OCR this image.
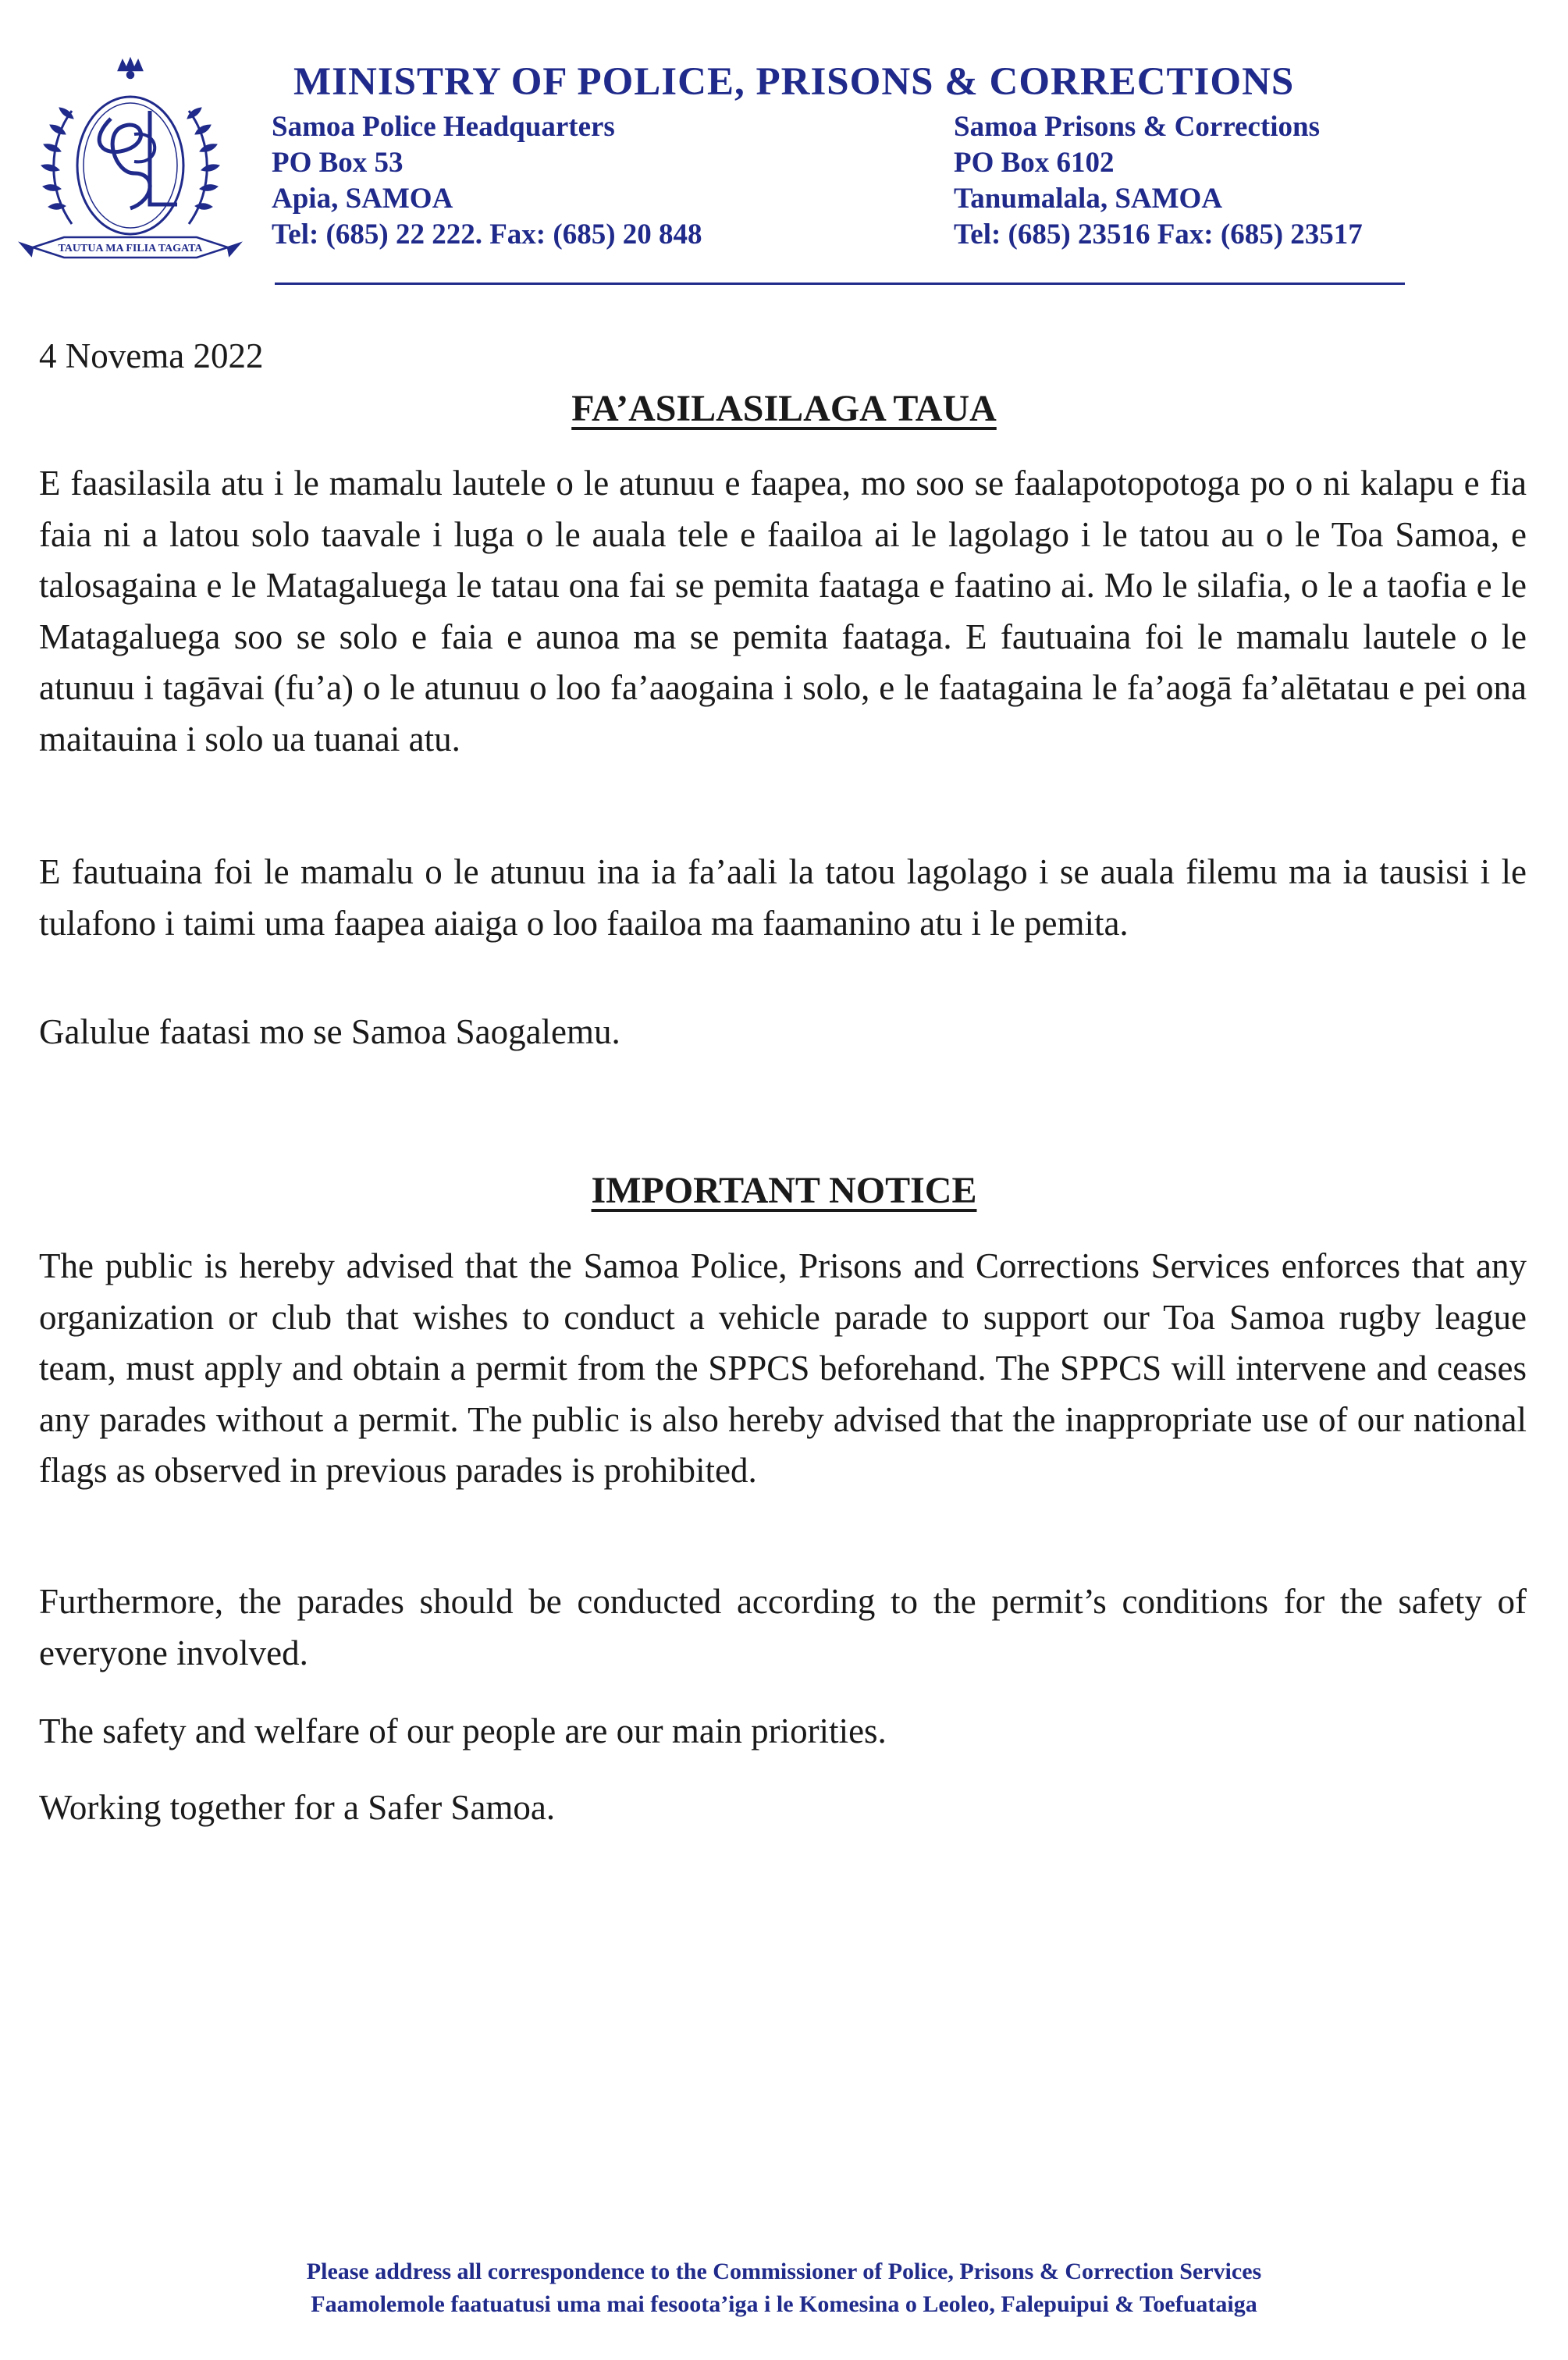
TAUTUA MA FILIA TAGATA
SPL
MINISTRY OF POLICE, PRISONS & CORRECTIONS
Samoa Police Headquarters
PO Box 53
Apia, SAMOA
Tel: (685) 22 222. Fax: (685) 20 848
Samoa Prisons & Corrections
PO Box 6102
Tanumalala, SAMOA
Tel: (685) 23516 Fax: (685) 23517
4 Novema 2022
FA’ASILASILAGA TAUA
E faasilasila atu i le mamalu lautele o le atunuu e faapea, mo soo se faalapotopotoga po o ni kalapu e fia faia ni a latou solo taavale i luga o le auala tele e faailoa ai le lagolago i le tatou au o le Toa Samoa, e talosagaina e le Matagaluega le tatau ona fai se pemita faataga e faatino ai. Mo le silafia, o le a taofia e le Matagaluega soo se solo e faia e aunoa ma se pemita faataga. E fautuaina foi le mamalu lautele o le atunuu i tagāvai (fu’a) o le atunuu o loo fa’aaogaina i solo, e le faatagaina le fa’aogā fa’alētatau e pei ona maitauina i solo ua tuanai atu.
E fautuaina foi le mamalu o le atunuu ina ia fa’aali la tatou lagolago i se auala filemu ma ia tausisi i le tulafono i taimi uma faapea aiaiga o loo faailoa ma faamanino atu i le pemita.
Galulue faatasi mo se Samoa Saogalemu.
IMPORTANT NOTICE
The public is hereby advised that the Samoa Police, Prisons and Corrections Services enforces that any organization or club that wishes to conduct a vehicle parade to support our Toa Samoa rugby league team, must apply and obtain a permit from the SPPCS beforehand. The SPPCS will intervene and ceases any parades without a permit. The public is also hereby advised that the inappropriate use of our national flags as observed in previous parades is prohibited.
Furthermore, the parades should be conducted according to the permit’s conditions for the safety of everyone involved.
The safety and welfare of our people are our main priorities.
Working together for a Safer Samoa.
Please address all correspondence to the Commissioner of Police, Prisons & Correction Services
Faamolemole faatuatusi uma mai fesoota’iga i le Komesina o Leoleo, Falepuipui & Toefuataiga
